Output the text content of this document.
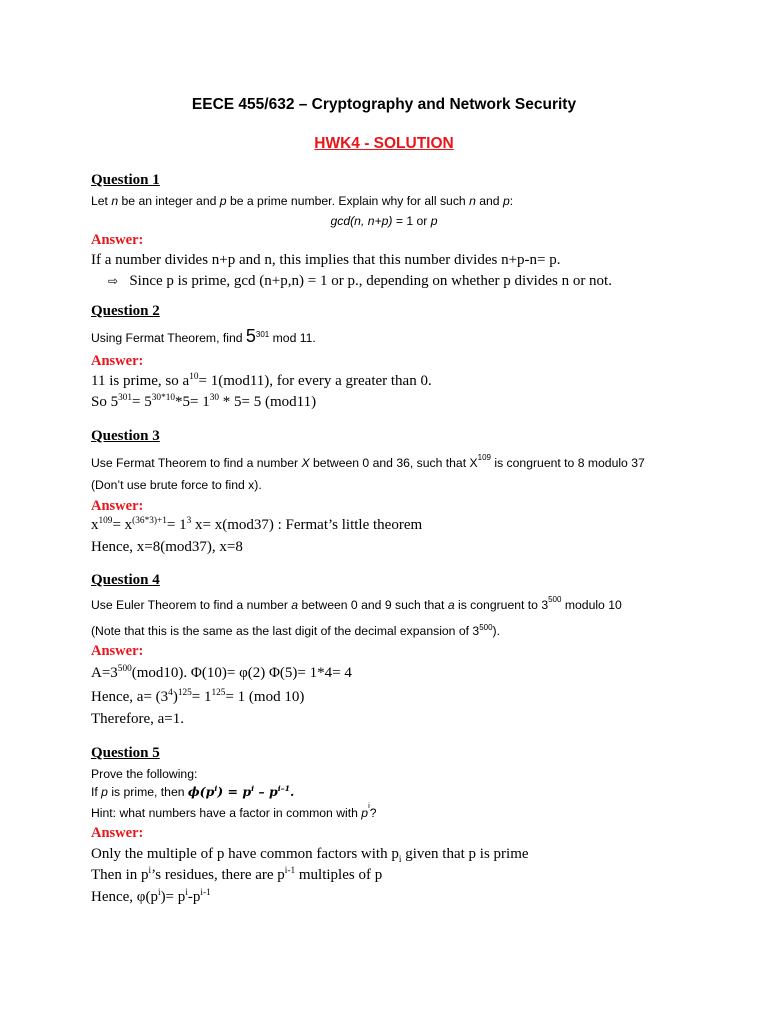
EECE 455/632 – Cryptography and Network Security
HWK4 - SOLUTION
Question 1
Let n be an integer and p be a prime number. Explain why for all such n and p:
gcd(n, n+p) = 1 or p
Answer:
If a number divides n+p and n, this implies that this number divides n+p-n= p.
⇨ Since p is prime, gcd (n+p,n) = 1 or p., depending on whether p divides n or not.
Question 2
Using Fermat Theorem, find $5^{301}$ mod 11.
Answer:
11 is prime, so $a^{10}= 1(mod11)$, for every a greater than 0.
So $5^{301}= 5^{30*10}*5= 1^{30} * 5= 5$ (mod11)
Question 3
Use Fermat Theorem to find a number X between 0 and 36, such that $X^{109}$ is congruent to 8 modulo 37
(Don’t use brute force to find x).
Answer:
$x^{109}= x^{(36*3)+1}= 1^3$ x= x(mod37) : Fermat’s little theorem
Hence, x=8(mod37), x=8
Question 4
Use Euler Theorem to find a number a between 0 and 9 such that a is congruent to $3^{500}$ modulo 10
(Note that this is the same as the last digit of the decimal expansion of $3^{500}$).
Answer:
$A=3^{500}(mod10)$. Φ(10)= φ(2) Φ(5)= 1*4= 4
Hence, $a= (3^4)^{125}= 1^{125}= 1$ (mod 10)
Therefore, a=1.
Question 5
Prove the following:
If p is prime, then $\phi(p^i) = p^i - p^{i-1}$.
Hint: what numbers have a factor in common with $p^i$?
Answer:
Only the multiple of p have common factors with $p_i$ given that p is prime
Then in $p^i’s$ residues, there are $p^{i-1}$ multiples of p
Hence, $\varphi(p^i)= p^i-p^{i-1}$
